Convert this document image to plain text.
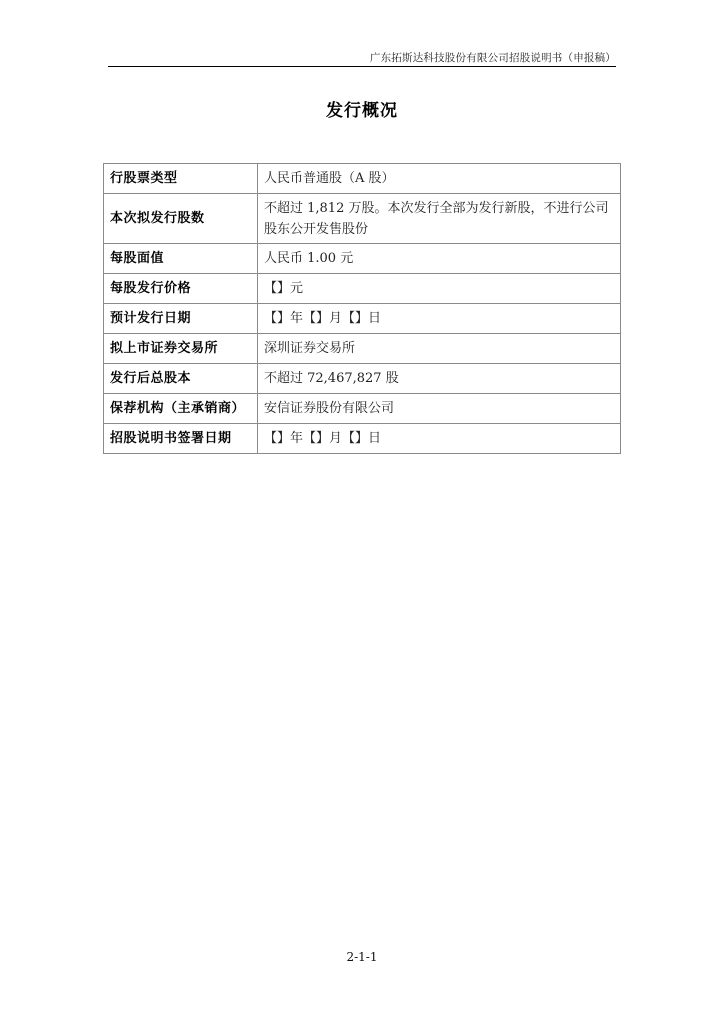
广东拓斯达科技股份有限公司招股说明书（申报稿）
发行概况
行股票类型	人民币普通股（A 股）
本次拟发行股数	不超过 1,812 万股。本次发行全部为发行新股，不进行公司股东公开发售股份
每股面值	人民币 1.00 元
每股发行价格	【】元
预计发行日期	【】年【】月【】日
拟上市证券交易所	深圳证券交易所
发行后总股本	不超过 72,467,827 股
保荐机构（主承销商）	安信证券股份有限公司
招股说明书签署日期	【】年【】月【】日
2-1-1
